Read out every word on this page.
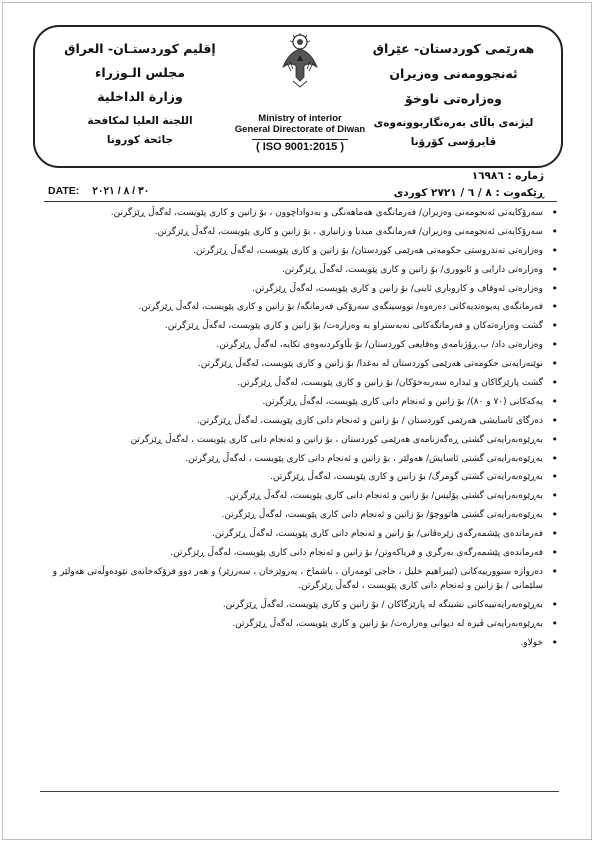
هەرێمی کوردستان- عێراق
ئەنجوومەنی وەزیران
وەزارەتی ناوخۆ
لیژنەی باڵای بەرەنگاربوونەوەی
ڤایرۆسی کۆرۆنا
Ministry of interior
General Directorate of Diwan
( ISO 9001:2015 )
إقليم كوردستـان- العراق
مجلس الـوزراء
وزارة الداخلية
اللجنة العليا لمكافحة
جائحة كورونا
ژمارە : ١٦٩٨٦
ڕێکەوت : ٨ / ٦ / ٢٧٢١ کوردی
DATE: ٣٠ / ٨ / ٢٠٢١
• سەرۆکایەتی ئەنجومەنی وەزیران/ فەرمانگەی هەماهەنگی و بەدواداچوون ، بۆ زانین و کاری پێویست، لەگەڵ ڕێزگرتن.
• سەرۆکایەتی ئەنجومەنی وەزیران/ فەرمانگەی میدیا و زانیاری ، بۆ زانین و کاری پێویست، لەگەڵ ڕێزگرتن.
• وەزارەتی تەندروستی حکومەتی هەرێمی کوردستان/ بۆ زانین و کاری پێویست، لەگەڵ ڕێزگرتن.
• وەزارەتی دارایی و ئابووری/ بۆ زانین و کاری پێویست، لەگەڵ ڕێزگرتن.
• وەزارەتی ئەوقاف و کاروباری ئاینی/ بۆ زانین و کاری پێویست، لەگەڵ ڕێزگرتن.
• فەرمانگەی پەیوەندیەکانی دەرەوە/ نووسینگەی سەرۆکی فەرمانگە/ بۆ زانین و کاری پێویست، لەگەڵ ڕێزگرتن.
• گشت وەزارەتەکان و فەرمانگەکانی نەبەستراو بە وەزارەت/ بۆ زانین و کاری پێویست، لەگەڵ ڕێزگرتن.
• وەزارەتی داد/ ب.ڕۆژنامەی وەقایعی کوردستان/ بۆ بڵاوکردنەوەی تکایە، لەگەڵ ڕێزگرتن.
• نوێنەرایەتی حکومەتی هەرێمی کوردستان لە بەغدا/ بۆ زانین و کاری پێویست، لەگەڵ ڕێزگرتن.
• گشت پارێزگاکان و ئیدارە سەربەخۆکان/ بۆ زانین و کاری پێویست، لەگەڵ ڕێزگرتن.
• یەکەکانی (٧٠ و ٨٠)/ بۆ زانین و ئەنجام دانی کاری پێویست، لەگەڵ ڕێزگرتن.
• دەزگای ئاسایشی هەرێمی کوردستان / بۆ زانین و ئەنجام دانی کاری پێویست، لەگەڵ ڕێزگرتن.
• بەڕێوەبەرایەتی گشتی ڕەگەزنامەی هەرێمی کوردستان ، بۆ زانین و ئەنجام دانی کاری پێویست ، لەگەڵ ڕێزگرتن
• بەڕێوەبەرایەتی گشتی ئاسایش/ هەولێر ، بۆ زانین و ئەنجام دانی کاری پێویست ، لەگەڵ ڕێزگرتن.
• بەڕێوەبەرایەتی گشتی گومرگ/ بۆ زانین و کاری پێویست، لەگەڵ ڕێزگرتن.
• بەڕێوەبەرایەتی گشتی پۆلیس/ بۆ زانین و ئەنجام دانی کاری پێویست، لەگەڵ ڕێزگرتن.
• بەڕێوەبەرایەتی گشتی هاتووچۆ/ بۆ زانین و ئەنجام دانی کاری پێویست، لەگەڵ ڕێزگرتن.
• فەرماندەی پێشمەرگەی زێرەڤانی/ بۆ زانین و ئەنجام دانی کاری پێویست، لەگەڵ ڕێزگرتن.
• فەرماندەی پێشمەرگەی بەرگری و فریاکەوتن/ بۆ زانین و ئەنجام دانی کاری پێویست، لەگەڵ ڕێزگرتن.
• دەروازە سنوورییەکانی (ئیبراهیم خلیل ، حاجی ئومەران ، باشماخ ، پەروێزخان ، سەرزێر) و هەر دوو فرۆکەخانەی نێودەوڵەتی هەولێر و سلێمانی / بۆ زانین و ئەنجام دانی کاری پێویست ، لەگەڵ ڕێزگرتن.
• بەڕێوەبەرایەتییەکانی نشینگە لە پارێزگاکان / بۆ زانین و کاری پێویست، لەگەڵ ڕێزگرتن.
• بەڕێوەبەرایەتی ڤیزە لە دیوانی وەزارەت/ بۆ زانین و کاری پێویست، لەگەڵ ڕێزگرتن.
• خولاو.
